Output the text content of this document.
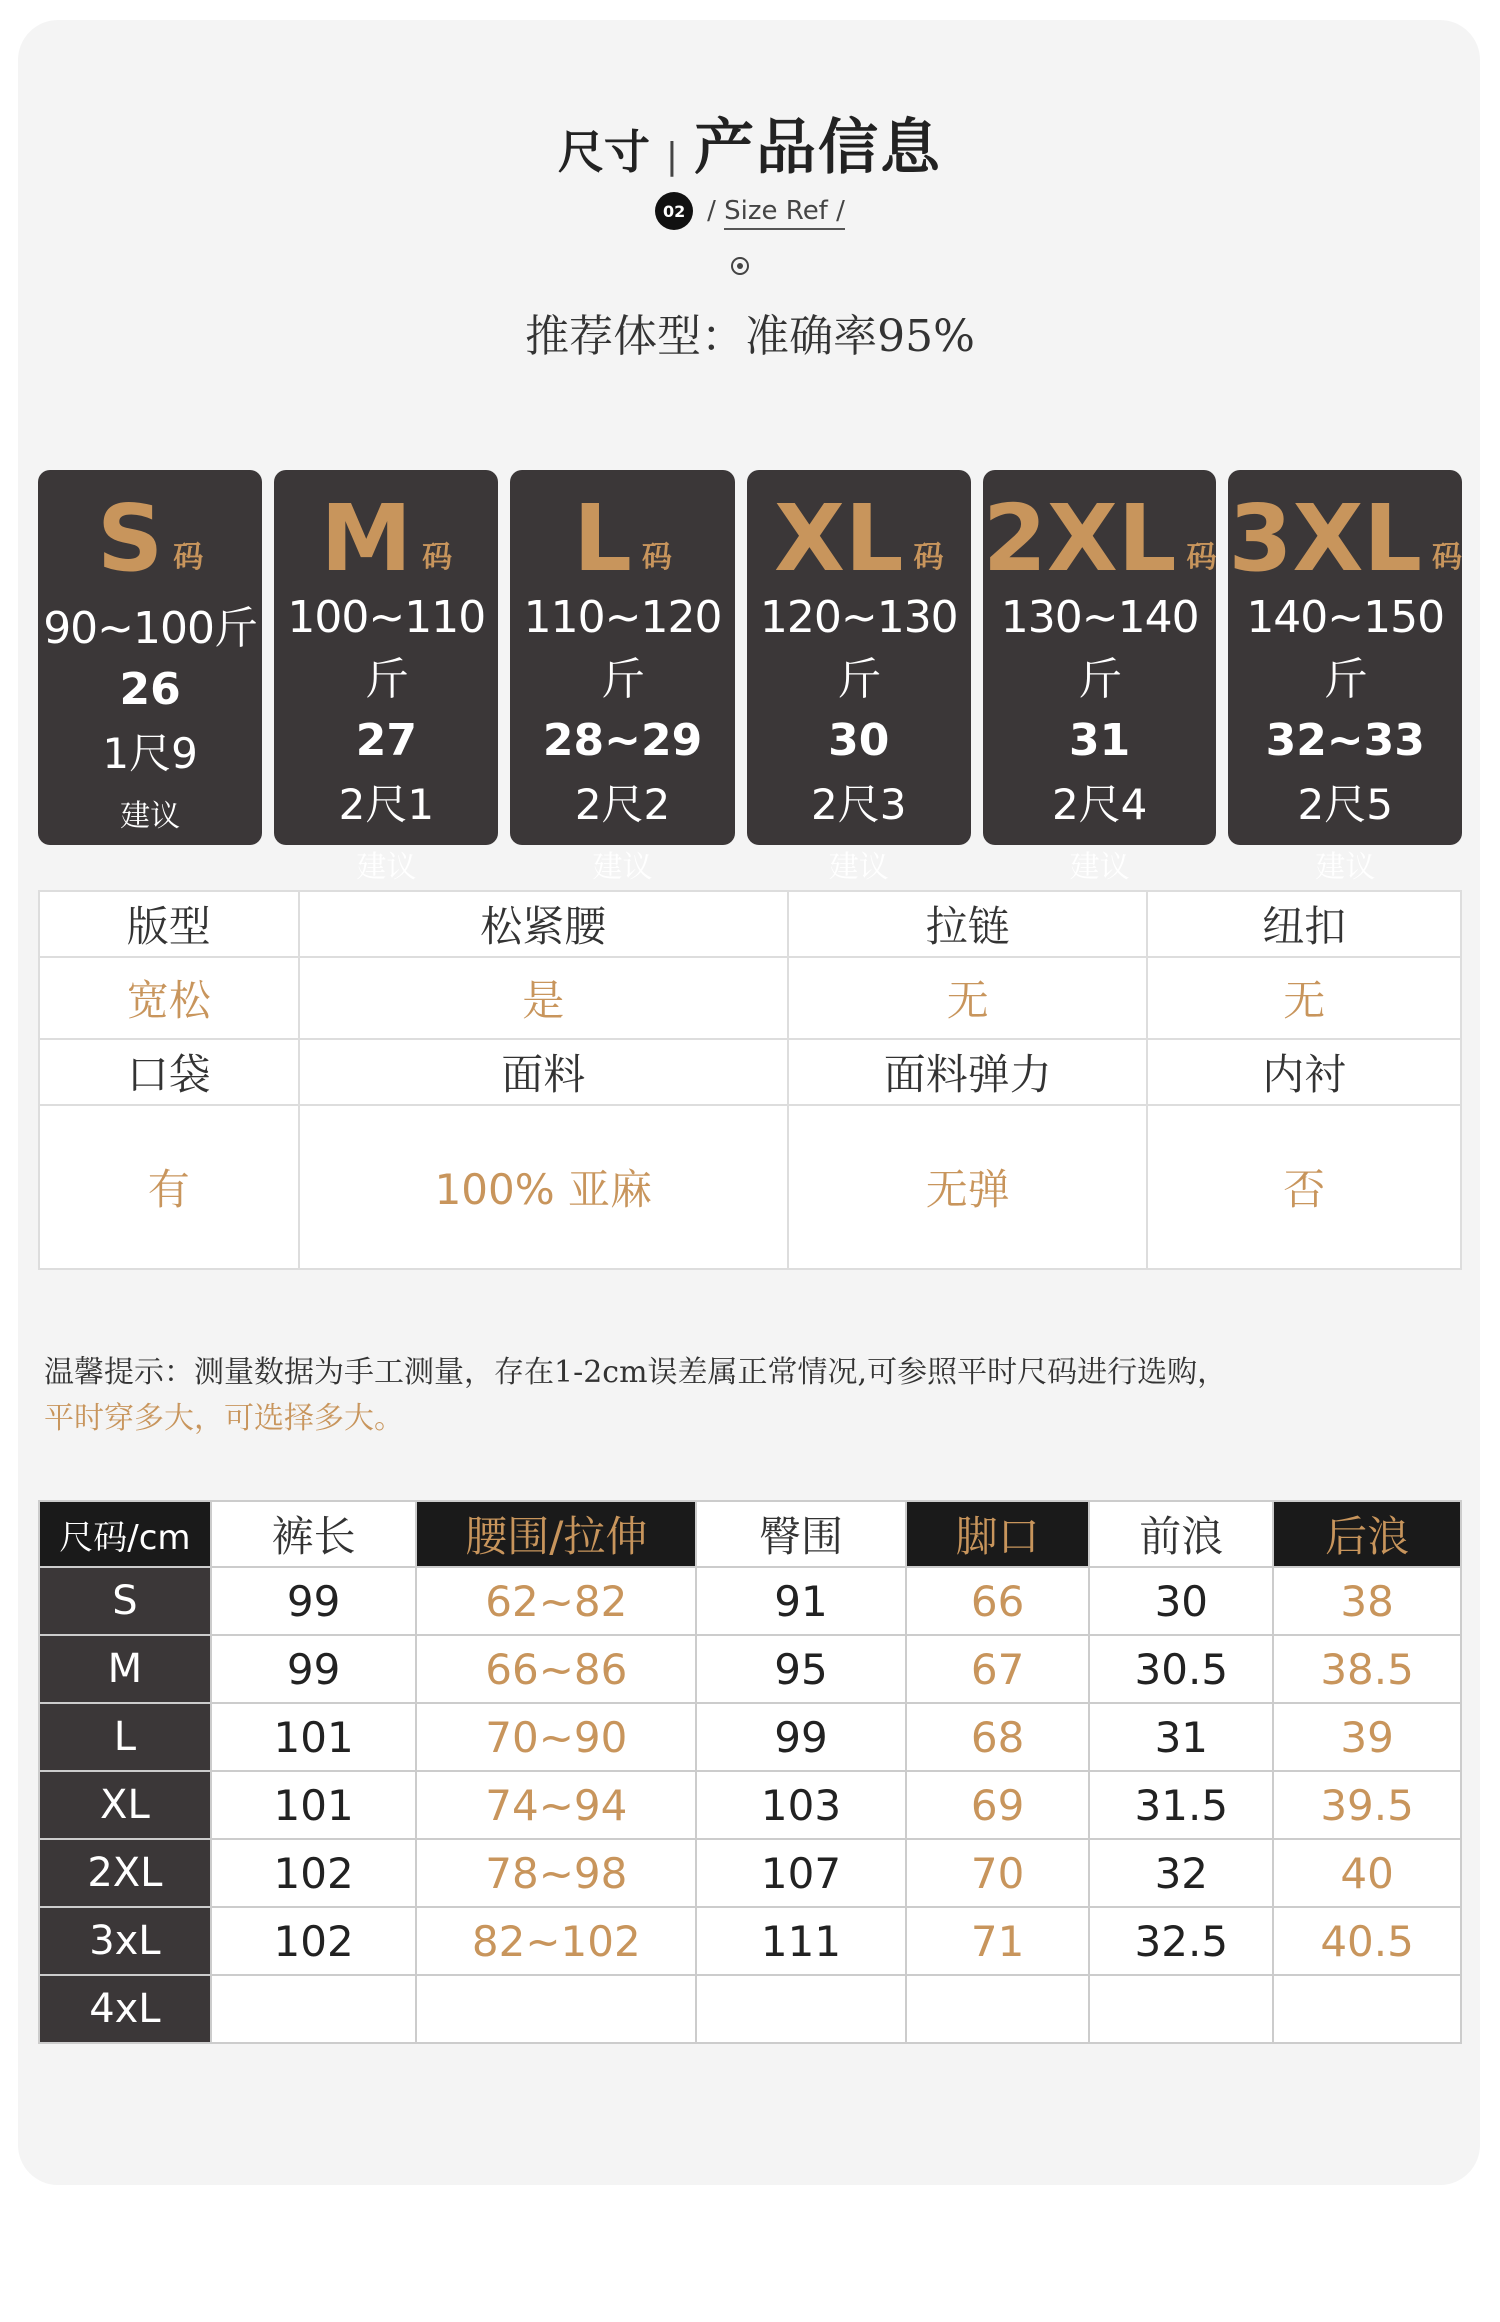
尺寸 | 产品信息
02 / Size Ref /
推荐体型：准确率95%
S 码
90~100斤
26
1尺9
建议
M 码
100~110斤
27
2尺1
建议
L 码
110~120斤
28~29
2尺2
建议
XL 码
120~130斤
30
2尺3
建议
2XL 码
130~140斤
31
2尺4
建议
3XL 码
140~150斤
32~33
2尺5
建议
版型	松紧腰	拉链	纽扣
宽松	是	无	无
口袋	面料	面料弹力	内衬
有	100% 亚麻	无弹	否
温馨提示：测量数据为手工测量，存在1-2cm误差属正常情况,可参照平时尺码进行选购，
平时穿多大，可选择多大。
尺码/cm	裤长	腰围/拉伸	臀围	脚口	前浪	后浪
S	99	62~82	91	66	30	38
M	99	66~86	95	67	30.5	38.5
L	101	70~90	99	68	31	39
XL	101	74~94	103	69	31.5	39.5
2XL	102	78~98	107	70	32	40
3xL	102	82~102	111	71	32.5	40.5
4xL						
